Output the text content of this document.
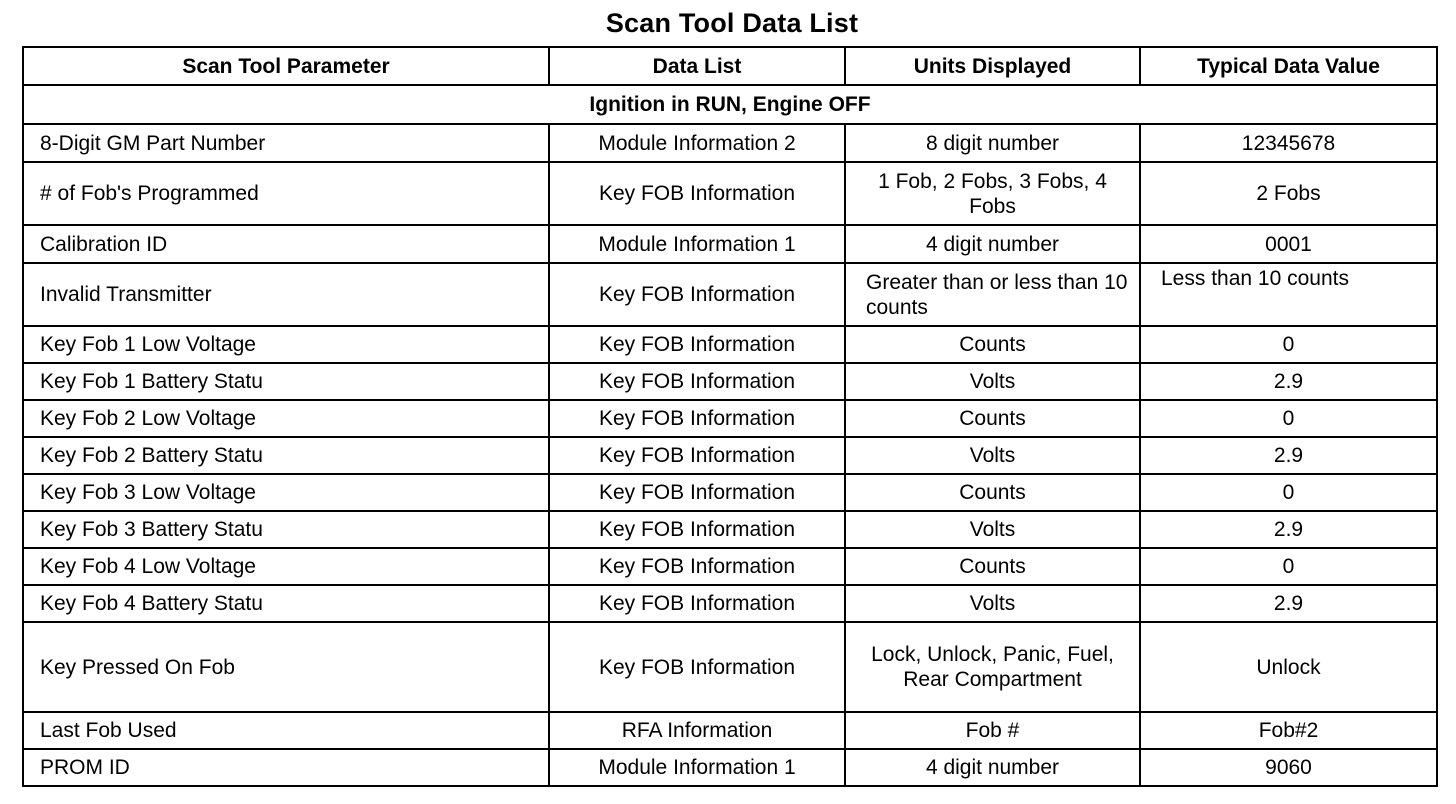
Scan Tool Data List
Scan Tool Parameter	Data List	Units Displayed	Typical Data Value
Ignition in RUN, Engine OFF			
8-Digit GM Part Number	Module Information 2	8 digit number	12345678
# of Fob's Programmed	Key FOB Information	1 Fob, 2 Fobs, 3 Fobs, 4 Fobs	2 Fobs
Calibration ID	Module Information 1	4 digit number	0001
Invalid Transmitter	Key FOB Information	Greater than or less than 10 counts	Less than 10 counts
Key Fob 1 Low Voltage	Key FOB Information	Counts	0
Key Fob 1 Battery Statu	Key FOB Information	Volts	2.9
Key Fob 2 Low Voltage	Key FOB Information	Counts	0
Key Fob 2 Battery Statu	Key FOB Information	Volts	2.9
Key Fob 3 Low Voltage	Key FOB Information	Counts	0
Key Fob 3 Battery Statu	Key FOB Information	Volts	2.9
Key Fob 4 Low Voltage	Key FOB Information	Counts	0
Key Fob 4 Battery Statu	Key FOB Information	Volts	2.9
Key Pressed On Fob	Key FOB Information	Lock, Unlock, Panic, Fuel, Rear Compartment	Unlock
Last Fob Used	RFA Information	Fob #	Fob#2
PROM ID	Module Information 1	4 digit number	9060
